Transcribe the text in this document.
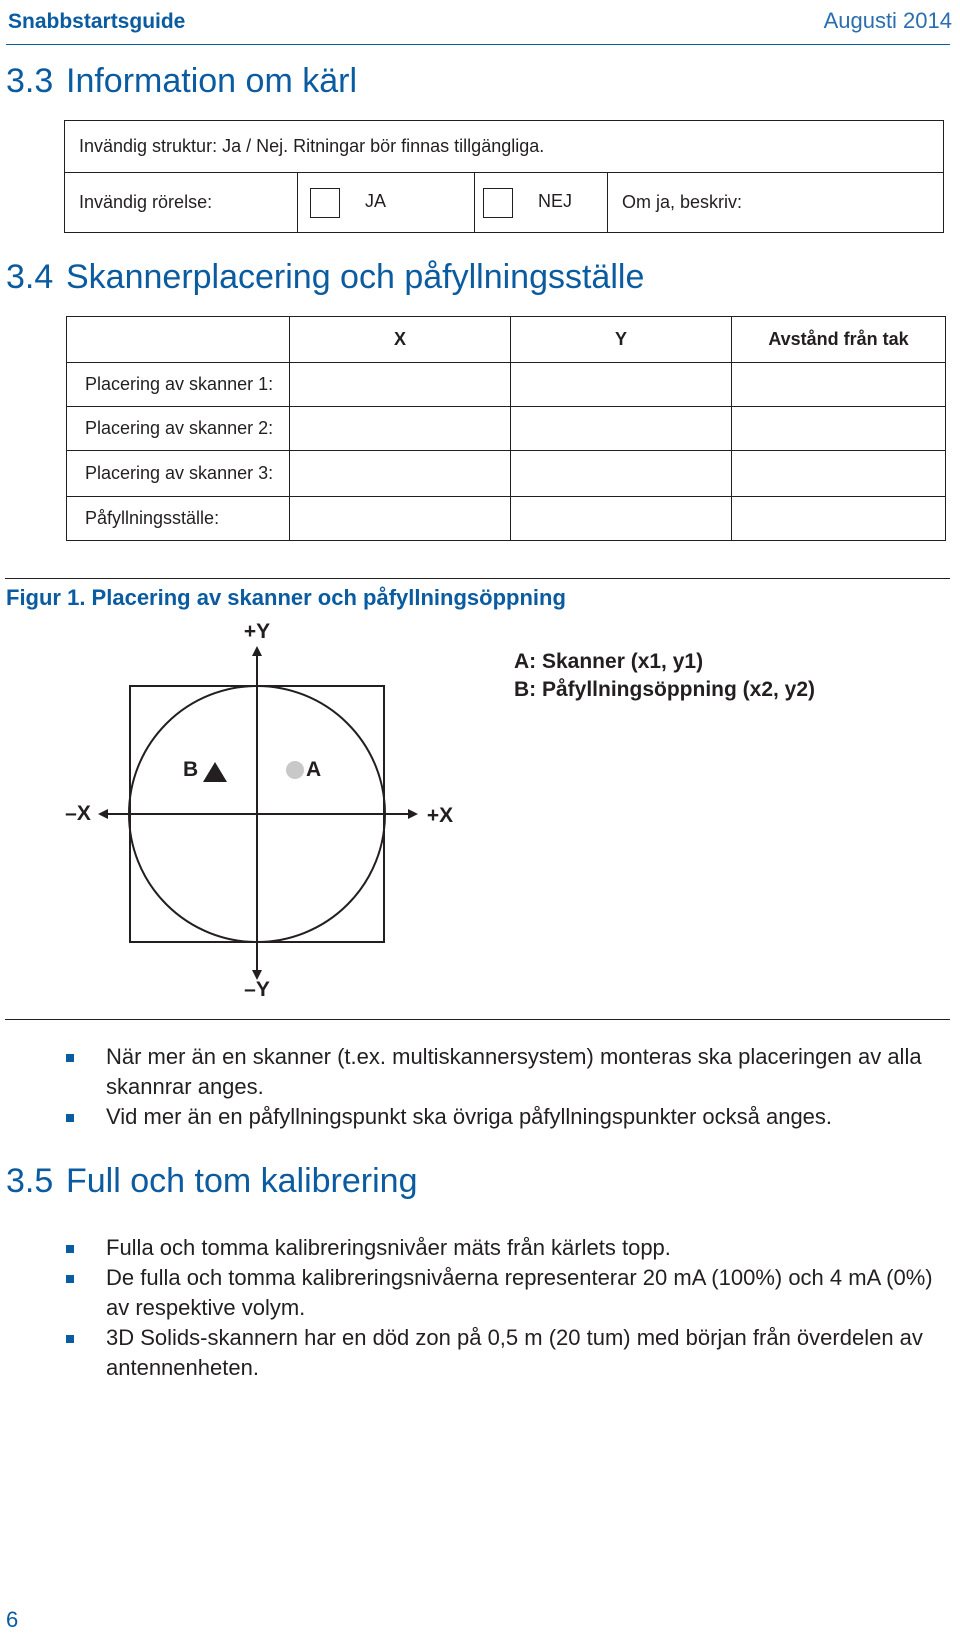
Snabbstartsguide	Augusti 2014
3.3 Information om kärl
Invändig struktur: Ja / Nej. Ritningar bör finnas tillgängliga.
Invändig rörelse:	JA	NEJ	Om ja, beskriv:
3.4 Skannerplacering och påfyllningsställe
	X	Y	Avstånd från tak
Placering av skanner 1:			
Placering av skanner 2:			
Placering av skanner 3:			
Påfyllningsställe:			
Figur 1. Placering av skanner och påfyllningsöppning
+Y
–Y
+X
–X
B	A
A: Skanner (x1, y1)
B: Påfyllningsöppning (x2, y2)
När mer än en skanner (t.ex. multiskannersystem) monteras ska placeringen av alla skannrar anges.
Vid mer än en påfyllningspunkt ska övriga påfyllningspunkter också anges.
3.5 Full och tom kalibrering
Fulla och tomma kalibreringsnivåer mäts från kärlets topp.
De fulla och tomma kalibreringsnivåerna representerar 20 mA (100%) och 4 mA (0%) av respektive volym.
3D Solids-skannern har en död zon på 0,5 m (20 tum) med början från överdelen av antennenheten.
6
